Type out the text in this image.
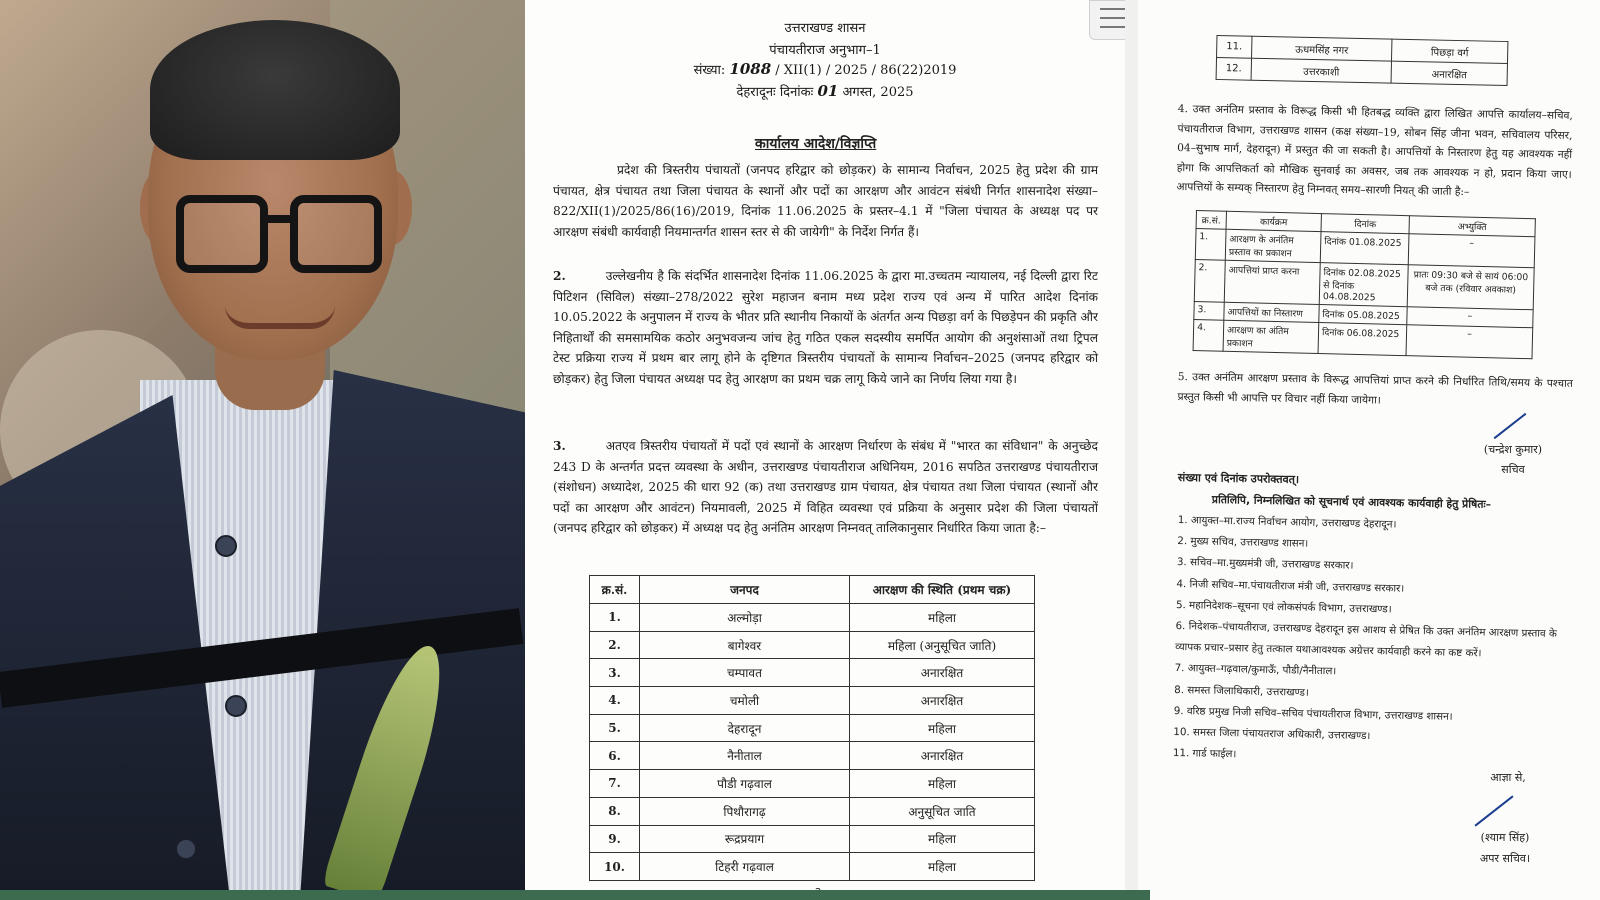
उत्तराखण्ड शासन
पंचायतीराज अनुभाग–1
संख्या: 1088 / XII(1) / 2025 / 86(22)2019
देहरादूनः दिनांकः 01 अगस्त, 2025
कार्यालय आदेश/विज्ञप्ति
प्रदेश की त्रिस्तरीय पंचायतों (जनपद हरिद्वार को छोड़कर) के सामान्य निर्वाचन, 2025 हेतु प्रदेश की ग्राम पंचायत, क्षेत्र पंचायत तथा जिला पंचायत के स्थानों और पदों का आरक्षण और आवंटन संबंधी निर्गत शासनादेश संख्या–822/XII(1)/2025/86(16)/2019, दिनांक 11.06.2025 के प्रस्तर–4.1 में "जिला पंचायत के अध्यक्ष पद पर आरक्षण संबंधी कार्यवाही नियमान्तर्गत शासन स्तर से की जायेगी" के निर्देश निर्गत हैं।
2.	उल्लेखनीय है कि संदर्भित शासनादेश दिनांक 11.06.2025 के द्वारा मा.उच्चतम न्यायालय, नई दिल्ली द्वारा रिट पिटिशन (सिविल) संख्या–278/2022 सुरेश महाजन बनाम मध्य प्रदेश राज्य एवं अन्य में पारित आदेश दिनांक 10.05.2022 के अनुपालन में राज्य के भीतर प्रति स्थानीय निकायों के अंतर्गत अन्य पिछड़ा वर्ग के पिछड़ेपन की प्रकृति और निहितार्थों की समसामयिक कठोर अनुभवजन्य जांच हेतु गठित एकल सदस्यीय समर्पित आयोग की अनुशंसाओं तथा ट्रिपल टेस्ट प्रक्रिया राज्य में प्रथम बार लागू होने के दृष्टिगत त्रिस्तरीय पंचायतों के सामान्य निर्वाचन–2025 (जनपद हरिद्वार को छोड़कर) हेतु जिला पंचायत अध्यक्ष पद हेतु आरक्षण का प्रथम चक्र लागू किये जाने का निर्णय लिया गया है।
3.	अतएव त्रिस्तरीय पंचायतों में पदों एवं स्थानों के आरक्षण निर्धारण के संबंध में "भारत का संविधान" के अनुच्छेद 243 D के अन्तर्गत प्रदत्त व्यवस्था के अधीन, उत्तराखण्ड पंचायतीराज अधिनियम, 2016 सपठित उत्तराखण्ड पंचायतीराज (संशोधन) अध्यादेश, 2025 की धारा 92 (क) तथा उत्तराखण्ड ग्राम पंचायत, क्षेत्र पंचायत तथा जिला पंचायत (स्थानों और पदों का आरक्षण और आवंटन) नियमावली, 2025 में विहित व्यवस्था एवं प्रक्रिया के अनुसार प्रदेश की जिला पंचायतों (जनपद हरिद्वार को छोड़कर) में अध्यक्ष पद हेतु अनंतिम आरक्षण निम्नवत् तालिकानुसार निर्धारित किया जाता है:–
क्र.सं.	जनपद	आरक्षण की स्थिति (प्रथम चक्र)
1.	अल्मोड़ा	महिला
2.	बागेश्वर	महिला (अनुसूचित जाति)
3.	चम्पावत	अनारक्षित
4.	चमोली	अनारक्षित
5.	देहरादून	महिला
6.	नैनीताल	अनारक्षित
7.	पौडी गढ़वाल	महिला
8.	पिथौरागढ़	अनुसूचित जाति
9.	रूद्रप्रयाग	महिला
10.	टिहरी गढ़वाल	महिला
11.	ऊधमसिंह नगर	पिछड़ा वर्ग
12.	उत्तरकाशी	अनारक्षित
4. उक्त अनंतिम प्रस्ताव के विरूद्ध किसी भी हितबद्ध व्यक्ति द्वारा लिखित आपत्ति कार्यालय–सचिव, पंचायतीराज विभाग, उत्तराखण्ड शासन (कक्ष संख्या–19, सोबन सिंह जीना भवन, सचिवालय परिसर, 04–सुभाष मार्ग, देहरादून) में प्रस्तुत की जा सकती है। आपत्तियों के निस्तारण हेतु यह आवश्यक नहीं होगा कि आपत्तिकर्ता को मौखिक सुनवाई का अवसर, जब तक आवश्यक न हो, प्रदान किया जाए। आपत्तियों के सम्यक् निस्तारण हेतु निम्नवत् समय–सारणी नियत् की जाती है:–
क्र.सं.	कार्यक्रम	दिनांक	अभ्युक्ति
1.	आरक्षण के अनंतिम प्रस्ताव का प्रकाशन	दिनांक 01.08.2025	–
2.	आपत्तियां प्राप्त करना	दिनांक 02.08.2025 से दिनांक 04.08.2025	प्रातः 09:30 बजे से सायं 06:00 बजे तक (रविवार अवकाश)
3.	आपत्तियों का निस्तारण	दिनांक 05.08.2025	–
4.	आरक्षण का अंतिम प्रकाशन	दिनांक 06.08.2025	–
5. उक्त अनंतिम आरक्षण प्रस्ताव के विरूद्ध आपत्तियां प्राप्त करने की निर्धारित तिथि/समय के पश्चात प्रस्तुत किसी भी आपत्ति पर विचार नहीं किया जायेगा।
(चन्द्रेश कुमार)
सचिव
संख्या एवं दिनांक उपरोक्तवत्।
प्रतिलिपि, निम्नलिखित को सूचनार्थ एवं आवश्यक कार्यवाही हेतु प्रेषितः–
1. आयुक्त–मा.राज्य निर्वाचन आयोग, उत्तराखण्ड देहरादून।
2. मुख्य सचिव, उत्तराखण्ड शासन।
3. सचिव–मा.मुख्यमंत्री जी, उत्तराखण्ड सरकार।
4. निजी सचिव–मा.पंचायतीराज मंत्री जी, उत्तराखण्ड सरकार।
5. महानिदेशक–सूचना एवं लोकसंपर्क विभाग, उत्तराखण्ड।
6. निदेशक–पंचायतीराज, उत्तराखण्ड देहरादून इस आशय से प्रेषित कि उक्त अनंतिम आरक्षण प्रस्ताव के व्यापक प्रचार–प्रसार हेतु तत्काल यथाआवश्यक अग्रेत्तर कार्यवाही करने का कष्ट करें।
7. आयुक्त–गढ़वाल/कुमाऊँ, पौडी/नैनीताल।
8. समस्त जिलाधिकारी, उत्तराखण्ड।
9. वरिष्ठ प्रमुख निजी सचिव–सचिव पंचायतीराज विभाग, उत्तराखण्ड शासन।
10. समस्त जिला पंचायतराज अधिकारी, उत्तराखण्ड।
11. गार्ड फाईल।
आज्ञा से,
(श्याम सिंह)
अपर सचिव।
